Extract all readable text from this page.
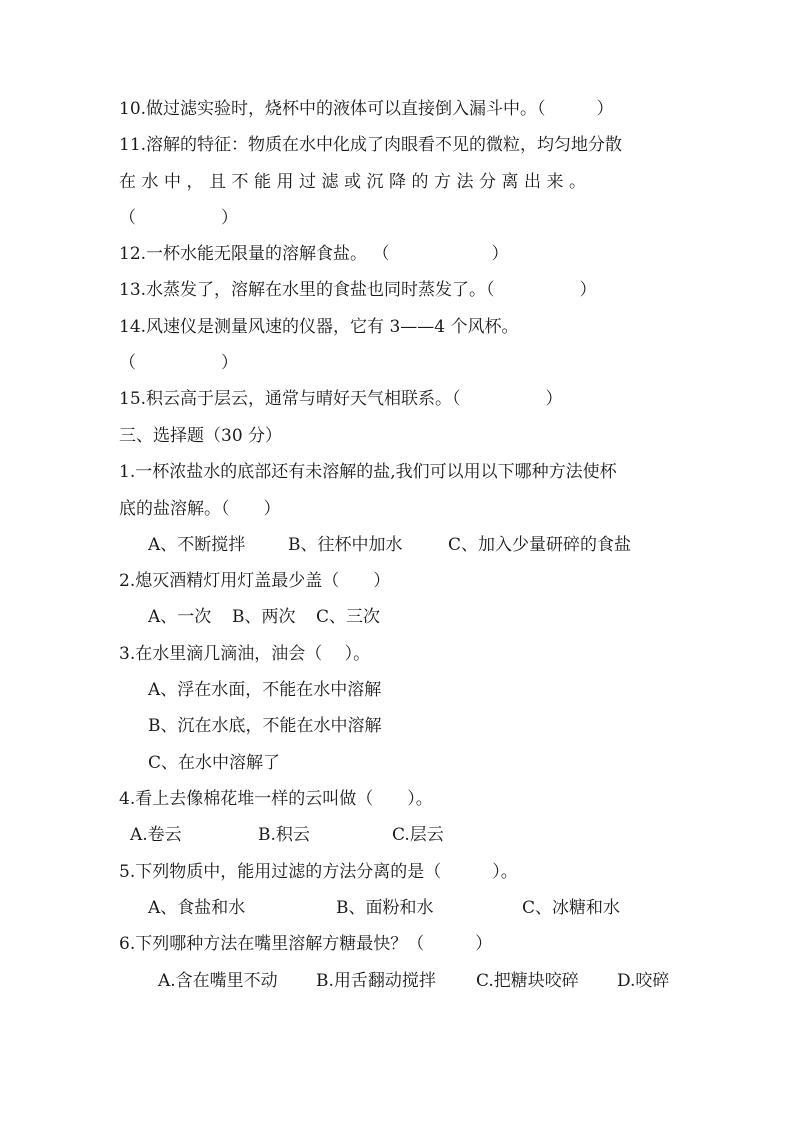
10.做过滤实验时，烧杯中的液体可以直接倒入漏斗中。（　　　）
11.溶解的特征：物质在水中化成了肉眼看不见的微粒，均匀地分散
在水中，且不能用过滤或沉降的方法分离出来。
（　　　　　）
12.一杯水能无限量的溶解食盐。 （　　　　　　）
13.水蒸发了，溶解在水里的食盐也同时蒸发了。（　　　　　）
14.风速仪是测量风速的仪器，它有 3——4 个风杯。
（　　　　　）
15.积云高于层云，通常与晴好天气相联系。（　　　　　）
三、选择题（30 分）
1.一杯浓盐水的底部还有未溶解的盐,我们可以用以下哪种方法使杯
底的盐溶解。（　　）
A、不断搅拌	B、往杯中加水	C、加入少量研碎的食盐
2.熄灭酒精灯用灯盖最少盖（　　）
A、一次 B、两次 C、三次
3.在水里滴几滴油，油会（　 ）。
A、浮在水面，不能在水中溶解
B、沉在水底，不能在水中溶解
C、在水中溶解了
4.看上去像棉花堆一样的云叫做（　　）。
A.卷云	B.积云	C.层云
5.下列物质中，能用过滤的方法分离的是（　　　）。
A、食盐和水	B、面粉和水	C、冰糖和水
6.下列哪种方法在嘴里溶解方糖最快？（　　　）
A.含在嘴里不动 B.用舌翻动搅拌 C.把糖块咬碎 D.咬碎
